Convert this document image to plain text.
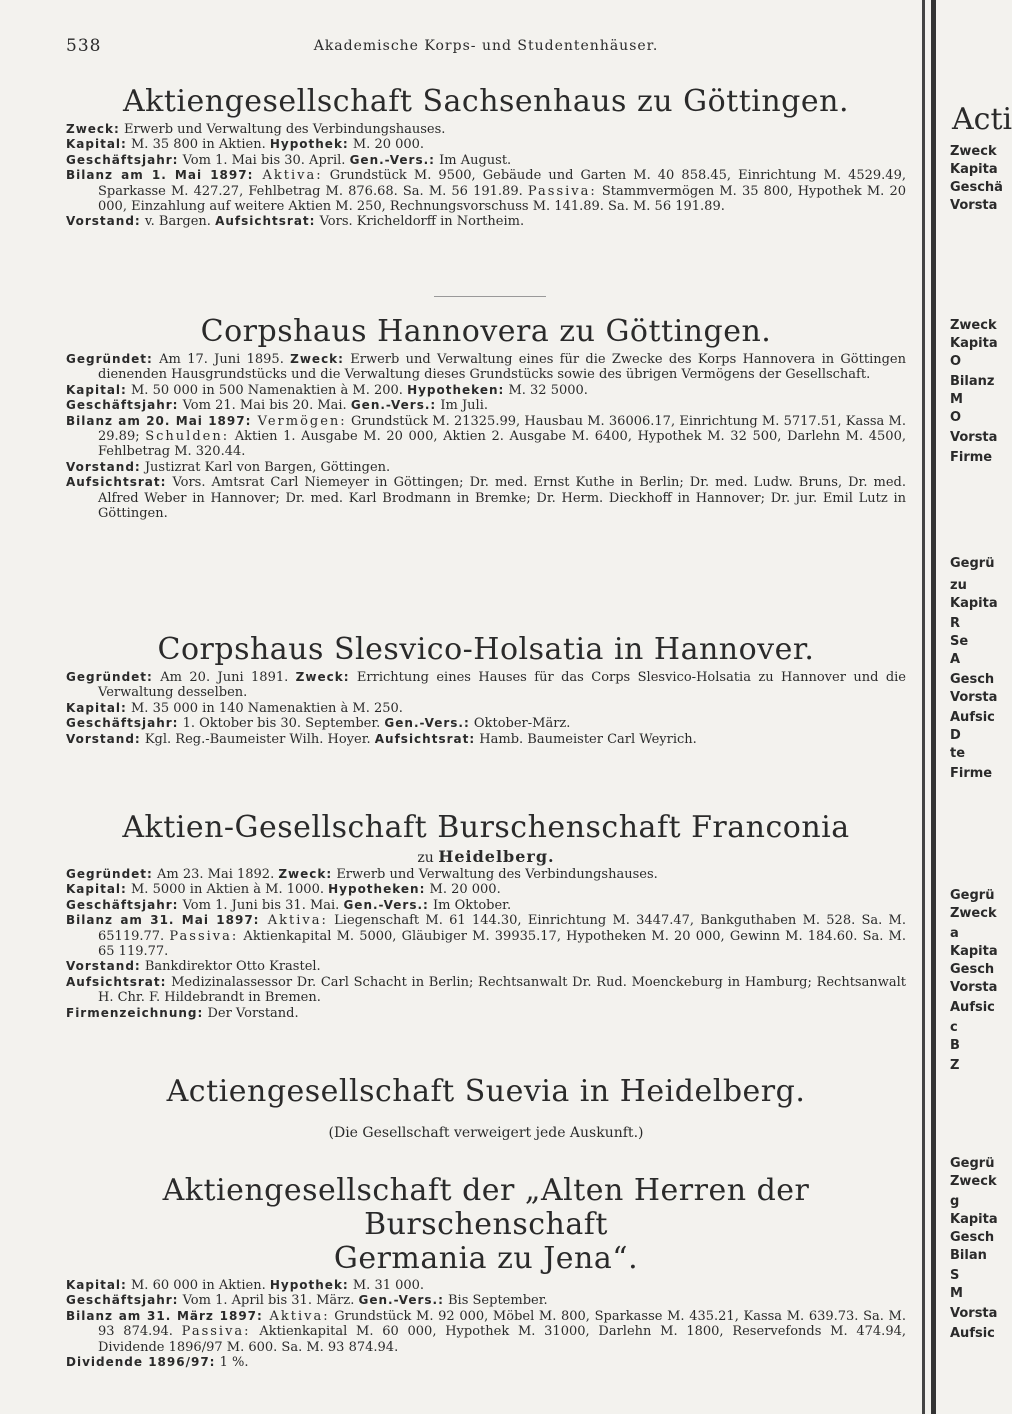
538	Akademische Korps- und Studentenhäuser.
Aktiengesellschaft Sachsenhaus zu Göttingen.

Zweck: Erwerb und Verwaltung des Verbindungshauses.

Kapital: M. 35 800 in Aktien. Hypothek: M. 20 000.

Geschäftsjahr: Vom 1. Mai bis 30. April. Gen.-Vers.: Im August.

Bilanz am 1. Mai 1897: Aktiva: Grundstück M. 9500, Gebäude und Garten M. 40 858.45, Einrichtung M. 4529.49, Sparkasse M. 427.27, Fehlbetrag M. 876.68. Sa. M. 56 191.89. Passiva: Stammvermögen M. 35 800, Hypothek M. 20 000, Einzahlung auf weitere Aktien M. 250, Rechnungsvorschuss M. 141.89. Sa. M. 56 191.89.

Vorstand: v. Bargen. Aufsichtsrat: Vors. Kricheldorff in Northeim.

Corpshaus Hannovera zu Göttingen.

Gegründet: Am 17. Juni 1895. Zweck: Erwerb und Verwaltung eines für die Zwecke des Korps Hannovera in Göttingen dienenden Hausgrundstücks und die Verwaltung dieses Grundstücks sowie des übrigen Vermögens der Gesellschaft.

Kapital: M. 50 000 in 500 Namenaktien à M. 200. Hypotheken: M. 32 5000.

Geschäftsjahr: Vom 21. Mai bis 20. Mai. Gen.-Vers.: Im Juli.

Bilanz am 20. Mai 1897: Vermögen: Grundstück M. 21325.99, Hausbau M. 36006.17, Einrichtung M. 5717.51, Kassa M. 29.89; Schulden: Aktien 1. Ausgabe M. 20 000, Aktien 2. Ausgabe M. 6400, Hypothek M. 32 500, Darlehn M. 4500, Fehlbetrag M. 320.44.

Vorstand: Justizrat Karl von Bargen, Göttingen.

Aufsichtsrat: Vors. Amtsrat Carl Niemeyer in Göttingen; Dr. med. Ernst Kuthe in Berlin; Dr. med. Ludw. Bruns, Dr. med. Alfred Weber in Hannover; Dr. med. Karl Brodmann in Bremke; Dr. Herm. Dieckhoff in Hannover; Dr. jur. Emil Lutz in Göttingen.

Corpshaus Slesvico-Holsatia in Hannover.

Gegründet: Am 20. Juni 1891. Zweck: Errichtung eines Hauses für das Corps Slesvico-Holsatia zu Hannover und die Verwaltung desselben.

Kapital: M. 35 000 in 140 Namenaktien à M. 250.

Geschäftsjahr: 1. Oktober bis 30. September. Gen.-Vers.: Oktober-März.

Vorstand: Kgl. Reg.-Baumeister Wilh. Hoyer. Aufsichtsrat: Hamb. Baumeister Carl Weyrich.

Aktien-Gesellschaft Burschenschaft Franconia

zu Heidelberg.

Gegründet: Am 23. Mai 1892. Zweck: Erwerb und Verwaltung des Verbindungshauses.

Kapital: M. 5000 in Aktien à M. 1000. Hypotheken: M. 20 000.

Geschäftsjahr: Vom 1. Juni bis 31. Mai. Gen.-Vers.: Im Oktober.

Bilanz am 31. Mai 1897: Aktiva: Liegenschaft M. 61 144.30, Einrichtung M. 3447.47, Bankguthaben M. 528. Sa. M. 65119.77. Passiva: Aktienkapital M. 5000, Gläubiger M. 39935.17, Hypotheken M. 20 000, Gewinn M. 184.60. Sa. M. 65 119.77.

Vorstand: Bankdirektor Otto Krastel.

Aufsichtsrat: Medizinalassessor Dr. Carl Schacht in Berlin; Rechtsanwalt Dr. Rud. Moenckeburg in Hamburg; Rechtsanwalt H. Chr. F. Hildebrandt in Bremen.

Firmenzeichnung: Der Vorstand.

Actiengesellschaft Suevia in Heidelberg.

(Die Gesellschaft verweigert jede Auskunft.)

Aktiengesellschaft der „Alten Herren der Burschenschaft
Germania zu Jena“.

Kapital: M. 60 000 in Aktien. Hypothek: M. 31 000.

Geschäftsjahr: Vom 1. April bis 31. März. Gen.-Vers.: Bis September.

Bilanz am 31. März 1897: Aktiva: Grundstück M. 92 000, Möbel M. 800, Sparkasse M. 435.21, Kassa M. 639.73. Sa. M. 93 874.94. Passiva: Aktienkapital M. 60 000, Hypothek M. 31000, Darlehn M. 1800, Reservefonds M. 474.94, Dividende 1896/97 M. 600. Sa. M. 93 874.94.

Dividende 1896/97: 1 %.

Acti
Zweck
Kapita
Geschä
Vorsta
Zweck
Kapita
O
Bilanz
M
O
Vorsta
Firme
Gegrü
zu
Kapita
R
Se
A
Gesch
Vorsta
Aufsic
D
te
Firme
Gegrü
Zweck
a
Kapita
Gesch
Vorsta
Aufsic
c
B
Z
Gegrü
Zweck
g
Kapita
Gesch
Bilan
S
M
Vorsta
Aufsic
